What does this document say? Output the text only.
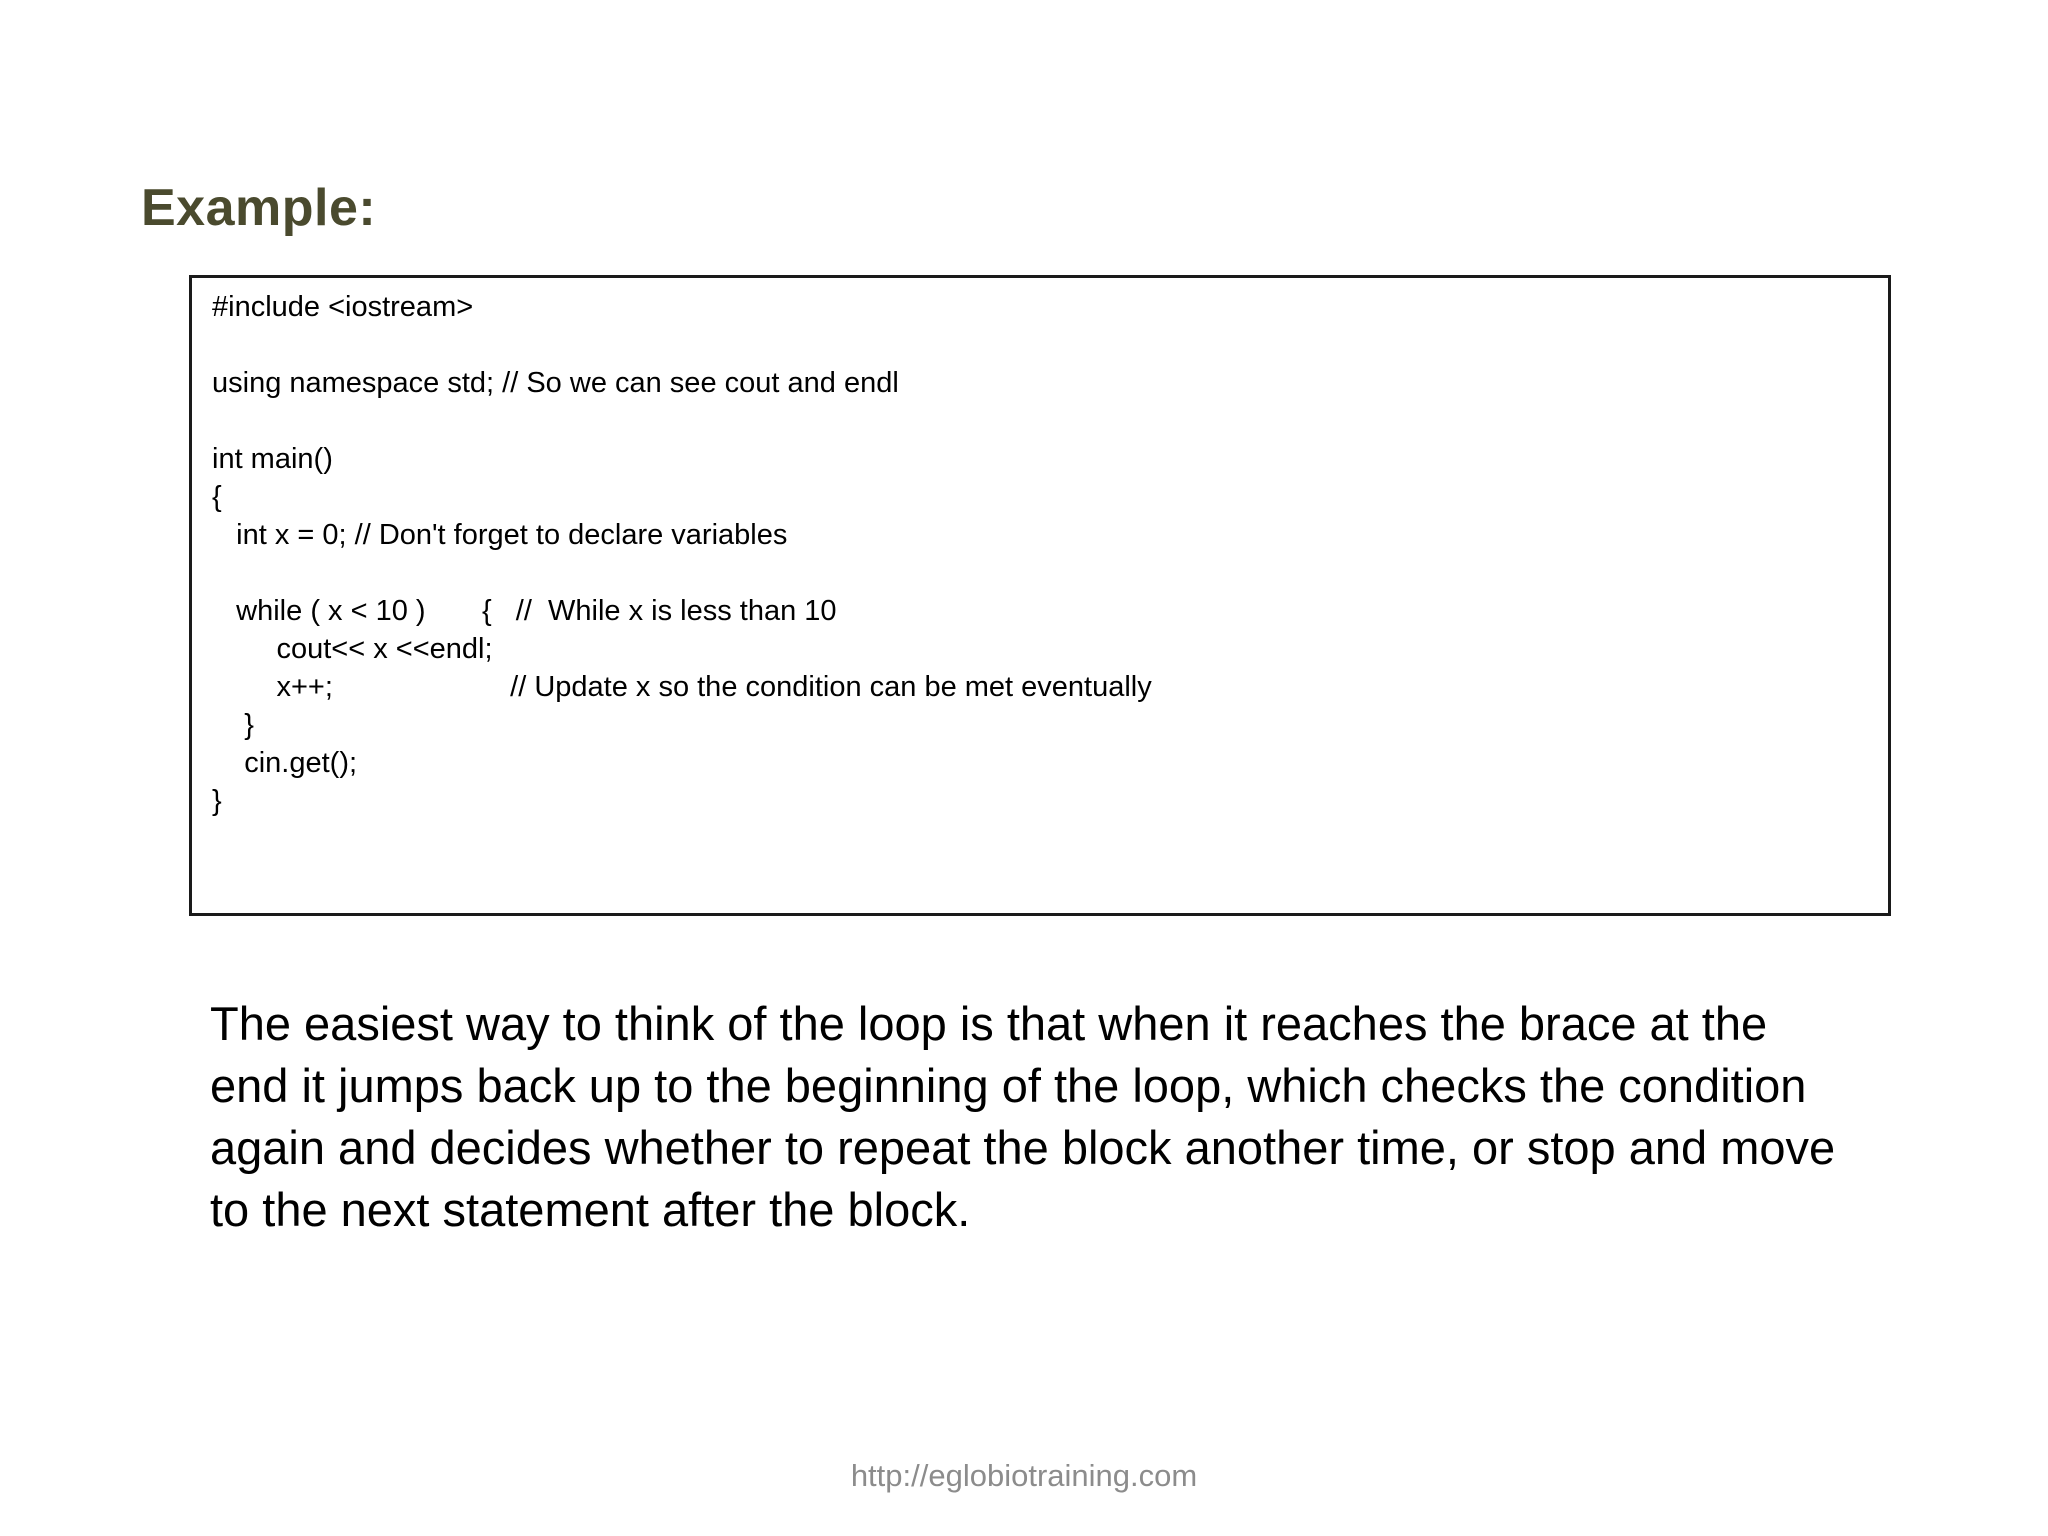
Example:
#include <iostream>
using namespace std; // So we can see cout and endl
int main()
{
int x = 0; // Don't forget to declare variables
while ( x < 10 )       {   //  While x is less than 10
cout<< x <<endl;
x++;                      // Update x so the condition can be met eventually
}
cin.get();
}
The easiest way to think of the loop is that when it reaches the brace at the
end it jumps back up to the beginning of the loop, which checks the condition
again and decides whether to repeat the block another time, or stop and move
to the next statement after the block.
http://eglobiotraining.com
